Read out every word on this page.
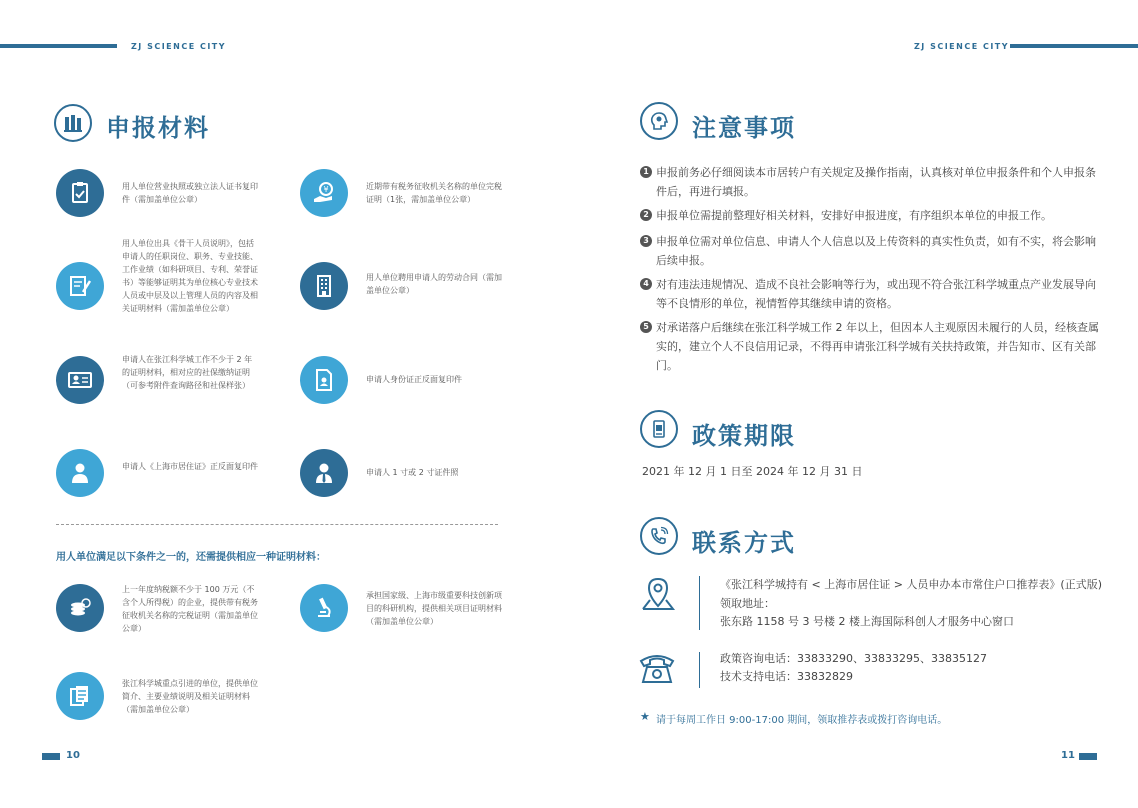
ZJ SCIENCE CITY	ZJ SCIENCE CITY
申报材料
用人单位营业执照或独立法人证书复印件（需加盖单位公章）
¥	近期带有税务征收机关名称的单位完税证明（1张，需加盖单位公章）
用人单位出具《骨干人员说明》，包括申请人的任职岗位、职务、专业技能、工作业绩（如科研项目、专利、荣誉证书）等能够证明其为单位核心专业技术人员或中层及以上管理人员的内容及相关证明材料（需加盖单位公章）
用人单位聘用申请人的劳动合同（需加盖单位公章）
申请人在张江科学城工作不少于 2 年的证明材料，相对应的社保缴纳证明（可参考附件查询路径和社保样张）
申请人身份证正反面复印件
申请人《上海市居住证》正反面复印件
申请人 1 寸或 2 寸证件照
用人单位满足以下条件之一的，还需提供相应一种证明材料：
上一年度纳税额不少于 100 万元（不含个人所得税）的企业，提供带有税务征收机关名称的完税证明（需加盖单位公章）
承担国家级、上海市级重要科技创新项目的科研机构，提供相关项目证明材料（需加盖单位公章）
张江科学城重点引进的单位，提供单位简介、主要业绩说明及相关证明材料（需加盖单位公章）
10
注意事项
1 申报前务必仔细阅读本市居转户有关规定及操作指南，认真核对单位申报条件和个人申报条件后，再进行填报。
2 申报单位需提前整理好相关材料，安排好申报进度，有序组织本单位的申报工作。
3 申报单位需对单位信息、申请人个人信息以及上传资料的真实性负责，如有不实，将会影响后续申报。
4 对有违法违规情况、造成不良社会影响等行为，或出现不符合张江科学城重点产业发展导向等不良情形的单位，视情暂停其继续申请的资格。
5 对承诺落户后继续在张江科学城工作 2 年以上，但因本人主观原因未履行的人员，经核查属实的，建立个人不良信用记录，不得再申请张江科学城有关扶持政策，并告知市、区有关部门。
政策期限
2021 年 12 月 1 日至 2024 年 12 月 31 日
联系方式
《张江科学城持有 < 上海市居住证 > 人员申办本市常住户口推荐表》(正式版)
领取地址：
张东路 1158 号 3 号楼 2 楼上海国际科创人才服务中心窗口
政策咨询电话：33833290、33833295、33835127
技术支持电话：33832829
★ 请于每周工作日 9:00-17:00 期间，领取推荐表或拨打咨询电话。
11
